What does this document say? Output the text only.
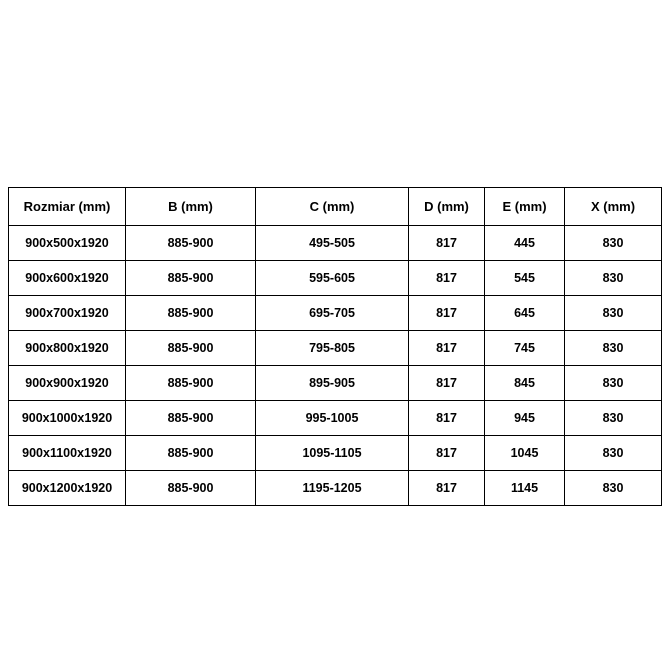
Rozmiar (mm)	B (mm)	C (mm)	D (mm)	E (mm)	X (mm)
900x500x1920	885-900	495-505	817	445	830
900x600x1920	885-900	595-605	817	545	830
900x700x1920	885-900	695-705	817	645	830
900x800x1920	885-900	795-805	817	745	830
900x900x1920	885-900	895-905	817	845	830
900x1000x1920	885-900	995-1005	817	945	830
900x1100x1920	885-900	1095-1105	817	1045	830
900x1200x1920	885-900	1195-1205	817	1145	830
